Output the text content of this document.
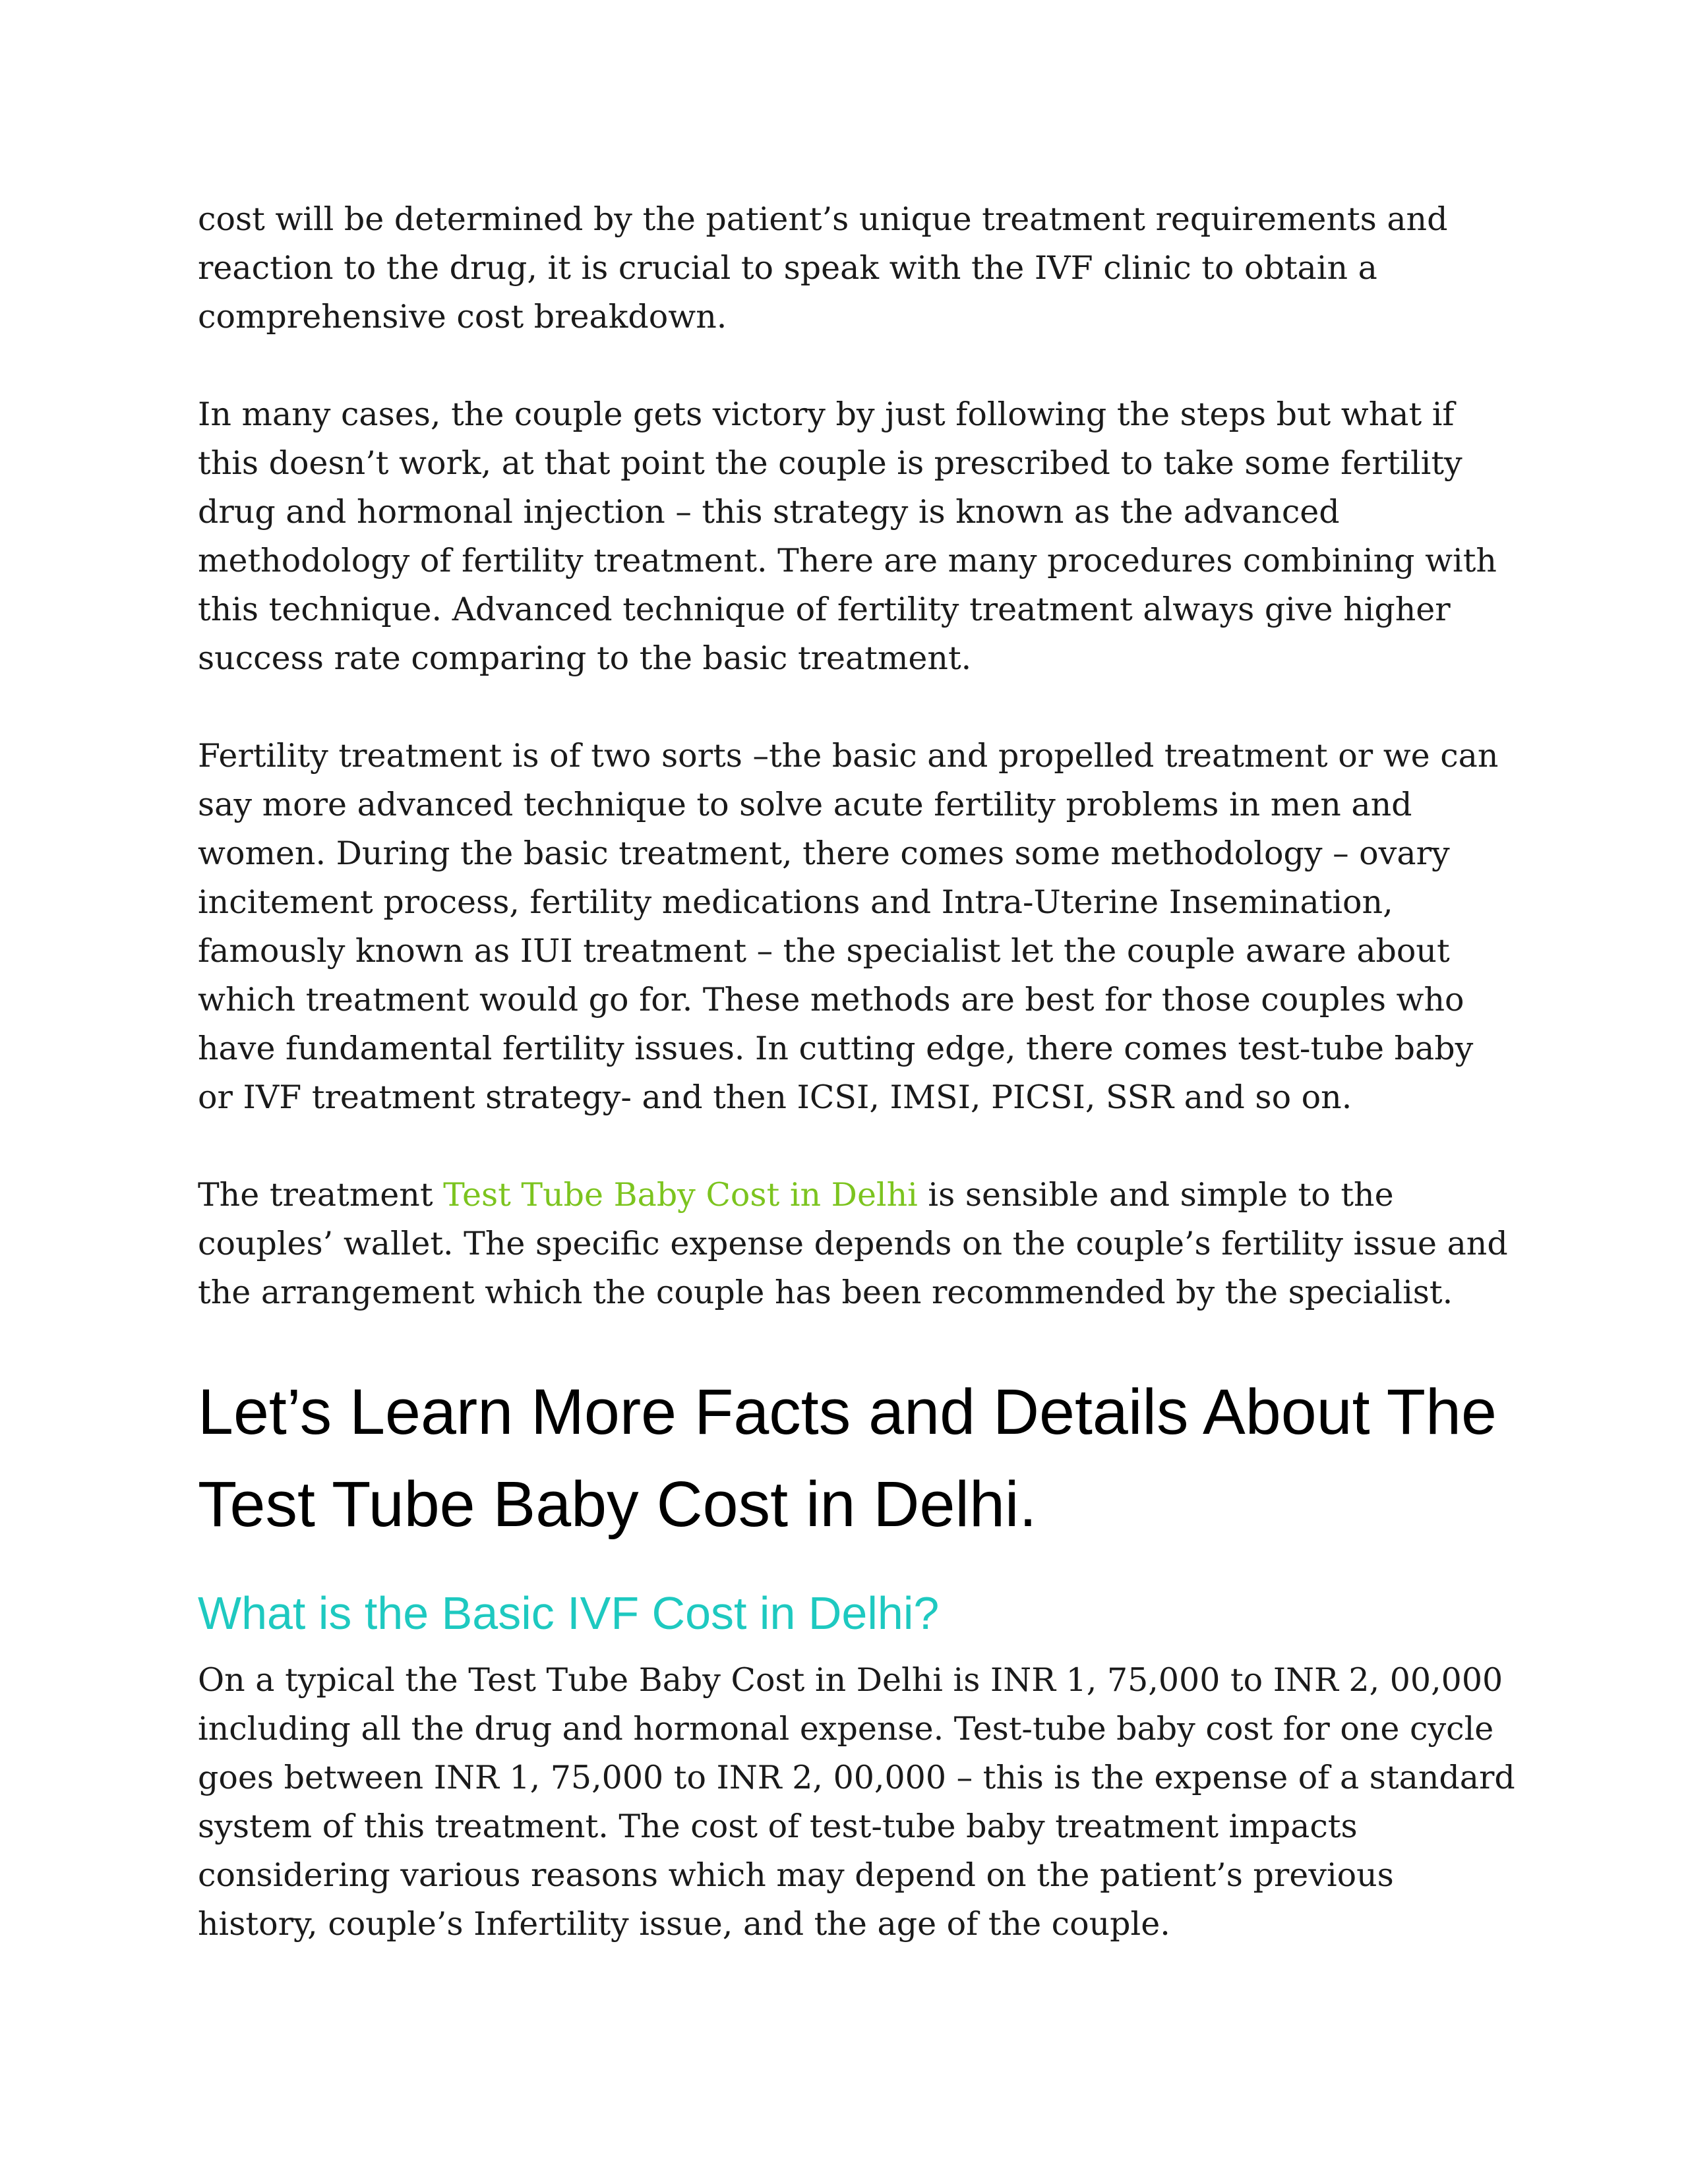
cost will be determined by the patient’s unique treatment requirements and reaction to the drug, it is crucial to speak with the IVF clinic to obtain a comprehensive cost breakdown.

In many cases, the couple gets victory by just following the steps but what if this doesn’t work, at that point the couple is prescribed to take some fertility drug and hormonal injection – this strategy is known as the advanced methodology of fertility treatment. There are many procedures combining with this technique. Advanced technique of fertility treatment always give higher success rate comparing to the basic treatment.

Fertility treatment is of two sorts –the basic and propelled treatment or we can say more advanced technique to solve acute fertility problems in men and women. During the basic treatment, there comes some methodology – ovary incitement process, fertility medications and Intra-Uterine Insemination, famously known as IUI treatment – the specialist let the couple aware about which treatment would go for. These methods are best for those couples who have fundamental fertility issues. In cutting edge, there comes test-tube baby or IVF treatment strategy- and then ICSI, IMSI, PICSI, SSR and so on.

The treatment Test Tube Baby Cost in Delhi is sensible and simple to the couples’ wallet. The specific expense depends on the couple’s fertility issue and the arrangement which the couple has been recommended by the specialist.

Let’s Learn More Facts and Details About The Test Tube Baby Cost in Delhi.
What is the Basic IVF Cost in Delhi?

On a typical the Test Tube Baby Cost in Delhi is INR 1, 75,000 to INR 2, 00,000 including all the drug and hormonal expense. Test-tube baby cost for one cycle goes between INR 1, 75,000 to INR 2, 00,000 – this is the expense of a standard system of this treatment. The cost of test-tube baby treatment impacts considering various reasons which may depend on the patient’s previous history, couple’s Infertility issue, and the age of the couple.
